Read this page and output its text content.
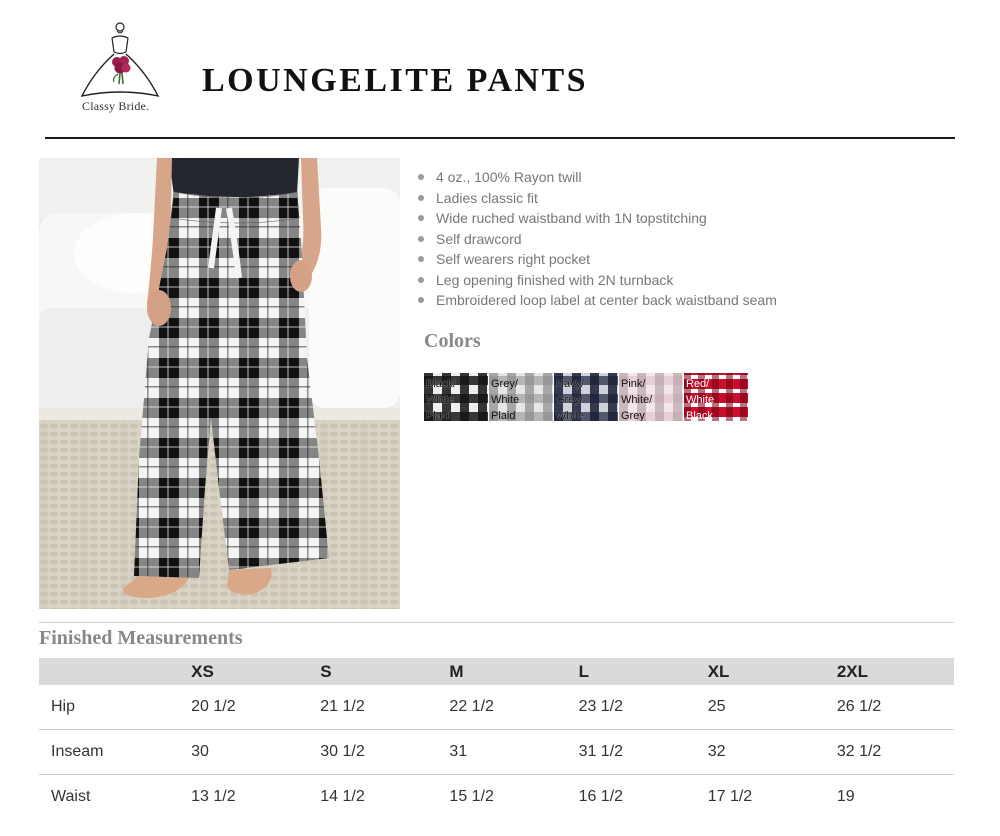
Classy Bride.
LOUNGELITE PANTS
4 oz., 100% Rayon twill
Ladies classic fit
Wide ruched waistband with 1N topstitching
Self drawcord
Self wearers right pocket
Leg opening finished with 2N turnback
Embroidered loop label at center back waistband seam
Colors
Black/
White
Plaid
Grey/
White
Plaid
Navy/
Grey/
White
Pink/
White/
Grey
Red/
White
Black
Finished Measurements
	XS	S	M	L	XL	2XL
Hip	20 1/2	21 1/2	22 1/2	23 1/2	25	26 1/2
Inseam	30	30 1/2	31	31 1/2	32	32 1/2
Waist	13 1/2	14 1/2	15 1/2	16 1/2	17 1/2	19
